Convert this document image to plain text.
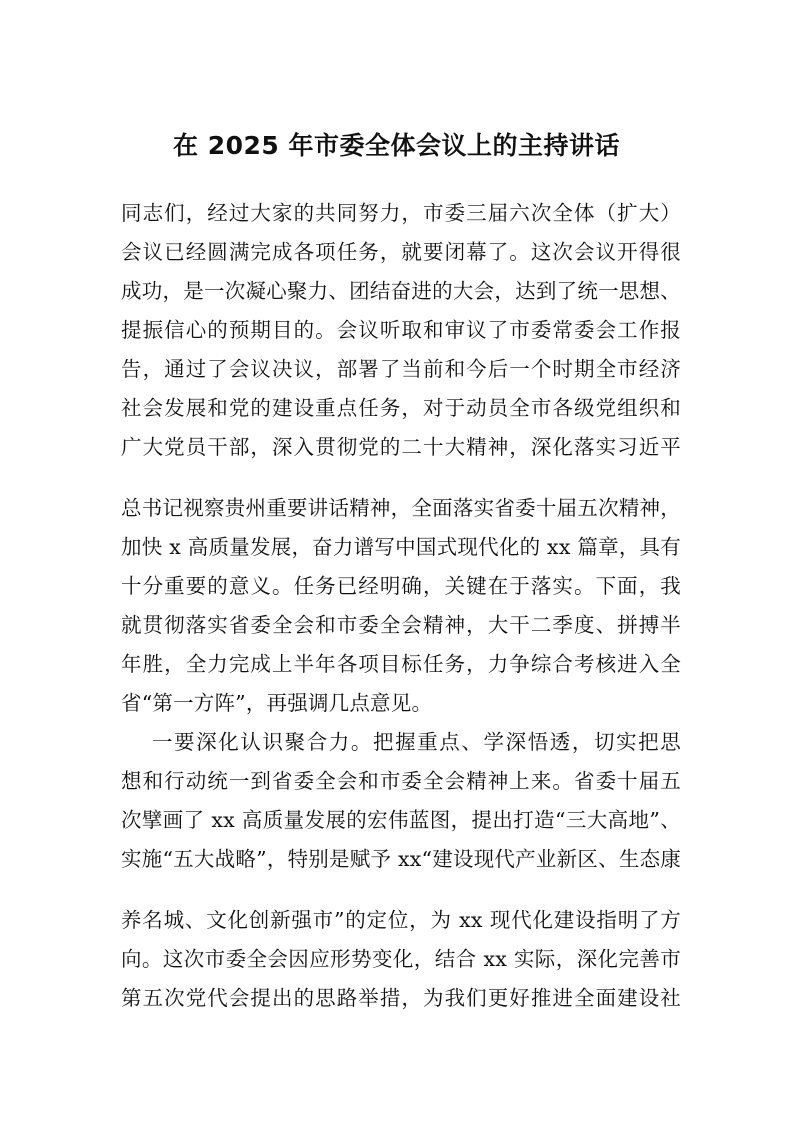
在 2025 年市委全体会议上的主持讲话
同志们，经过大家的共同努力，市委三届六次全体（扩大）
会议已经圆满完成各项任务，就要闭幕了。这次会议开得很
成功，是一次凝心聚力、团结奋进的大会，达到了统一思想、
提振信心的预期目的。会议听取和审议了市委常委会工作报
告，通过了会议决议，部署了当前和今后一个时期全市经济
社会发展和党的建设重点任务，对于动员全市各级党组织和
广大党员干部，深入贯彻党的二十大精神，深化落实习近平
总书记视察贵州重要讲话精神，全面落实省委十届五次精神，
加快 x 高质量发展，奋力谱写中国式现代化的 xx 篇章，具有
十分重要的意义。任务已经明确，关键在于落实。下面，我
就贯彻落实省委全会和市委全会精神，大干二季度、拼搏半
年胜，全力完成上半年各项目标任务，力争综合考核进入全
省“第一方阵”，再强调几点意见。
一要深化认识聚合力。把握重点、学深悟透，切实把思
想和行动统一到省委全会和市委全会精神上来。省委十届五
次擘画了 xx 高质量发展的宏伟蓝图，提出打造“三大高地”、
实施“五大战略”，特别是赋予 xx“建设现代产业新区、生态康
养名城、文化创新强市”的定位，为 xx 现代化建设指明了方
向。这次市委全会因应形势变化，结合 xx 实际，深化完善市
第五次党代会提出的思路举措，为我们更好推进全面建设社
